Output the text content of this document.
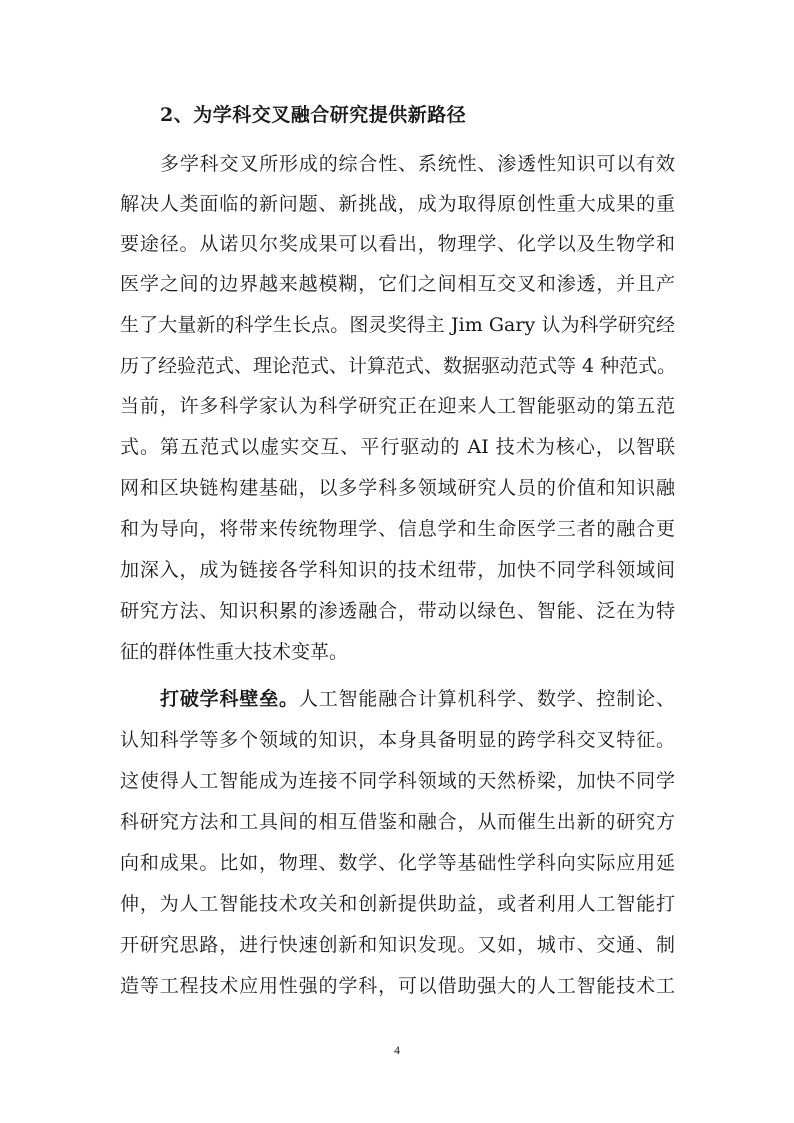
2、为学科交叉融合研究提供新路径
多学科交叉所形成的综合性、系统性、渗透性知识可以有效
解决人类面临的新问题、新挑战，成为取得原创性重大成果的重
要途径。从诺贝尔奖成果可以看出，物理学、化学以及生物学和
医学之间的边界越来越模糊，它们之间相互交叉和渗透，并且产
生了大量新的科学生长点。图灵奖得主 Jim Gary 认为科学研究经
历了经验范式、理论范式、计算范式、数据驱动范式等 4 种范式。
当前，许多科学家认为科学研究正在迎来人工智能驱动的第五范
式。第五范式以虚实交互、平行驱动的 AI 技术为核心，以智联
网和区块链构建基础，以多学科多领域研究人员的价值和知识融
和为导向，将带来传统物理学、信息学和生命医学三者的融合更
加深入，成为链接各学科知识的技术纽带，加快不同学科领域间
研究方法、知识积累的渗透融合，带动以绿色、智能、泛在为特
征的群体性重大技术变革。
打破学科壁垒。人工智能融合计算机科学、数学、控制论、
认知科学等多个领域的知识，本身具备明显的跨学科交叉特征。
这使得人工智能成为连接不同学科领域的天然桥梁，加快不同学
科研究方法和工具间的相互借鉴和融合，从而催生出新的研究方
向和成果。比如，物理、数学、化学等基础性学科向实际应用延
伸，为人工智能技术攻关和创新提供助益，或者利用人工智能打
开研究思路，进行快速创新和知识发现。又如，城市、交通、制
造等工程技术应用性强的学科，可以借助强大的人工智能技术工
4
